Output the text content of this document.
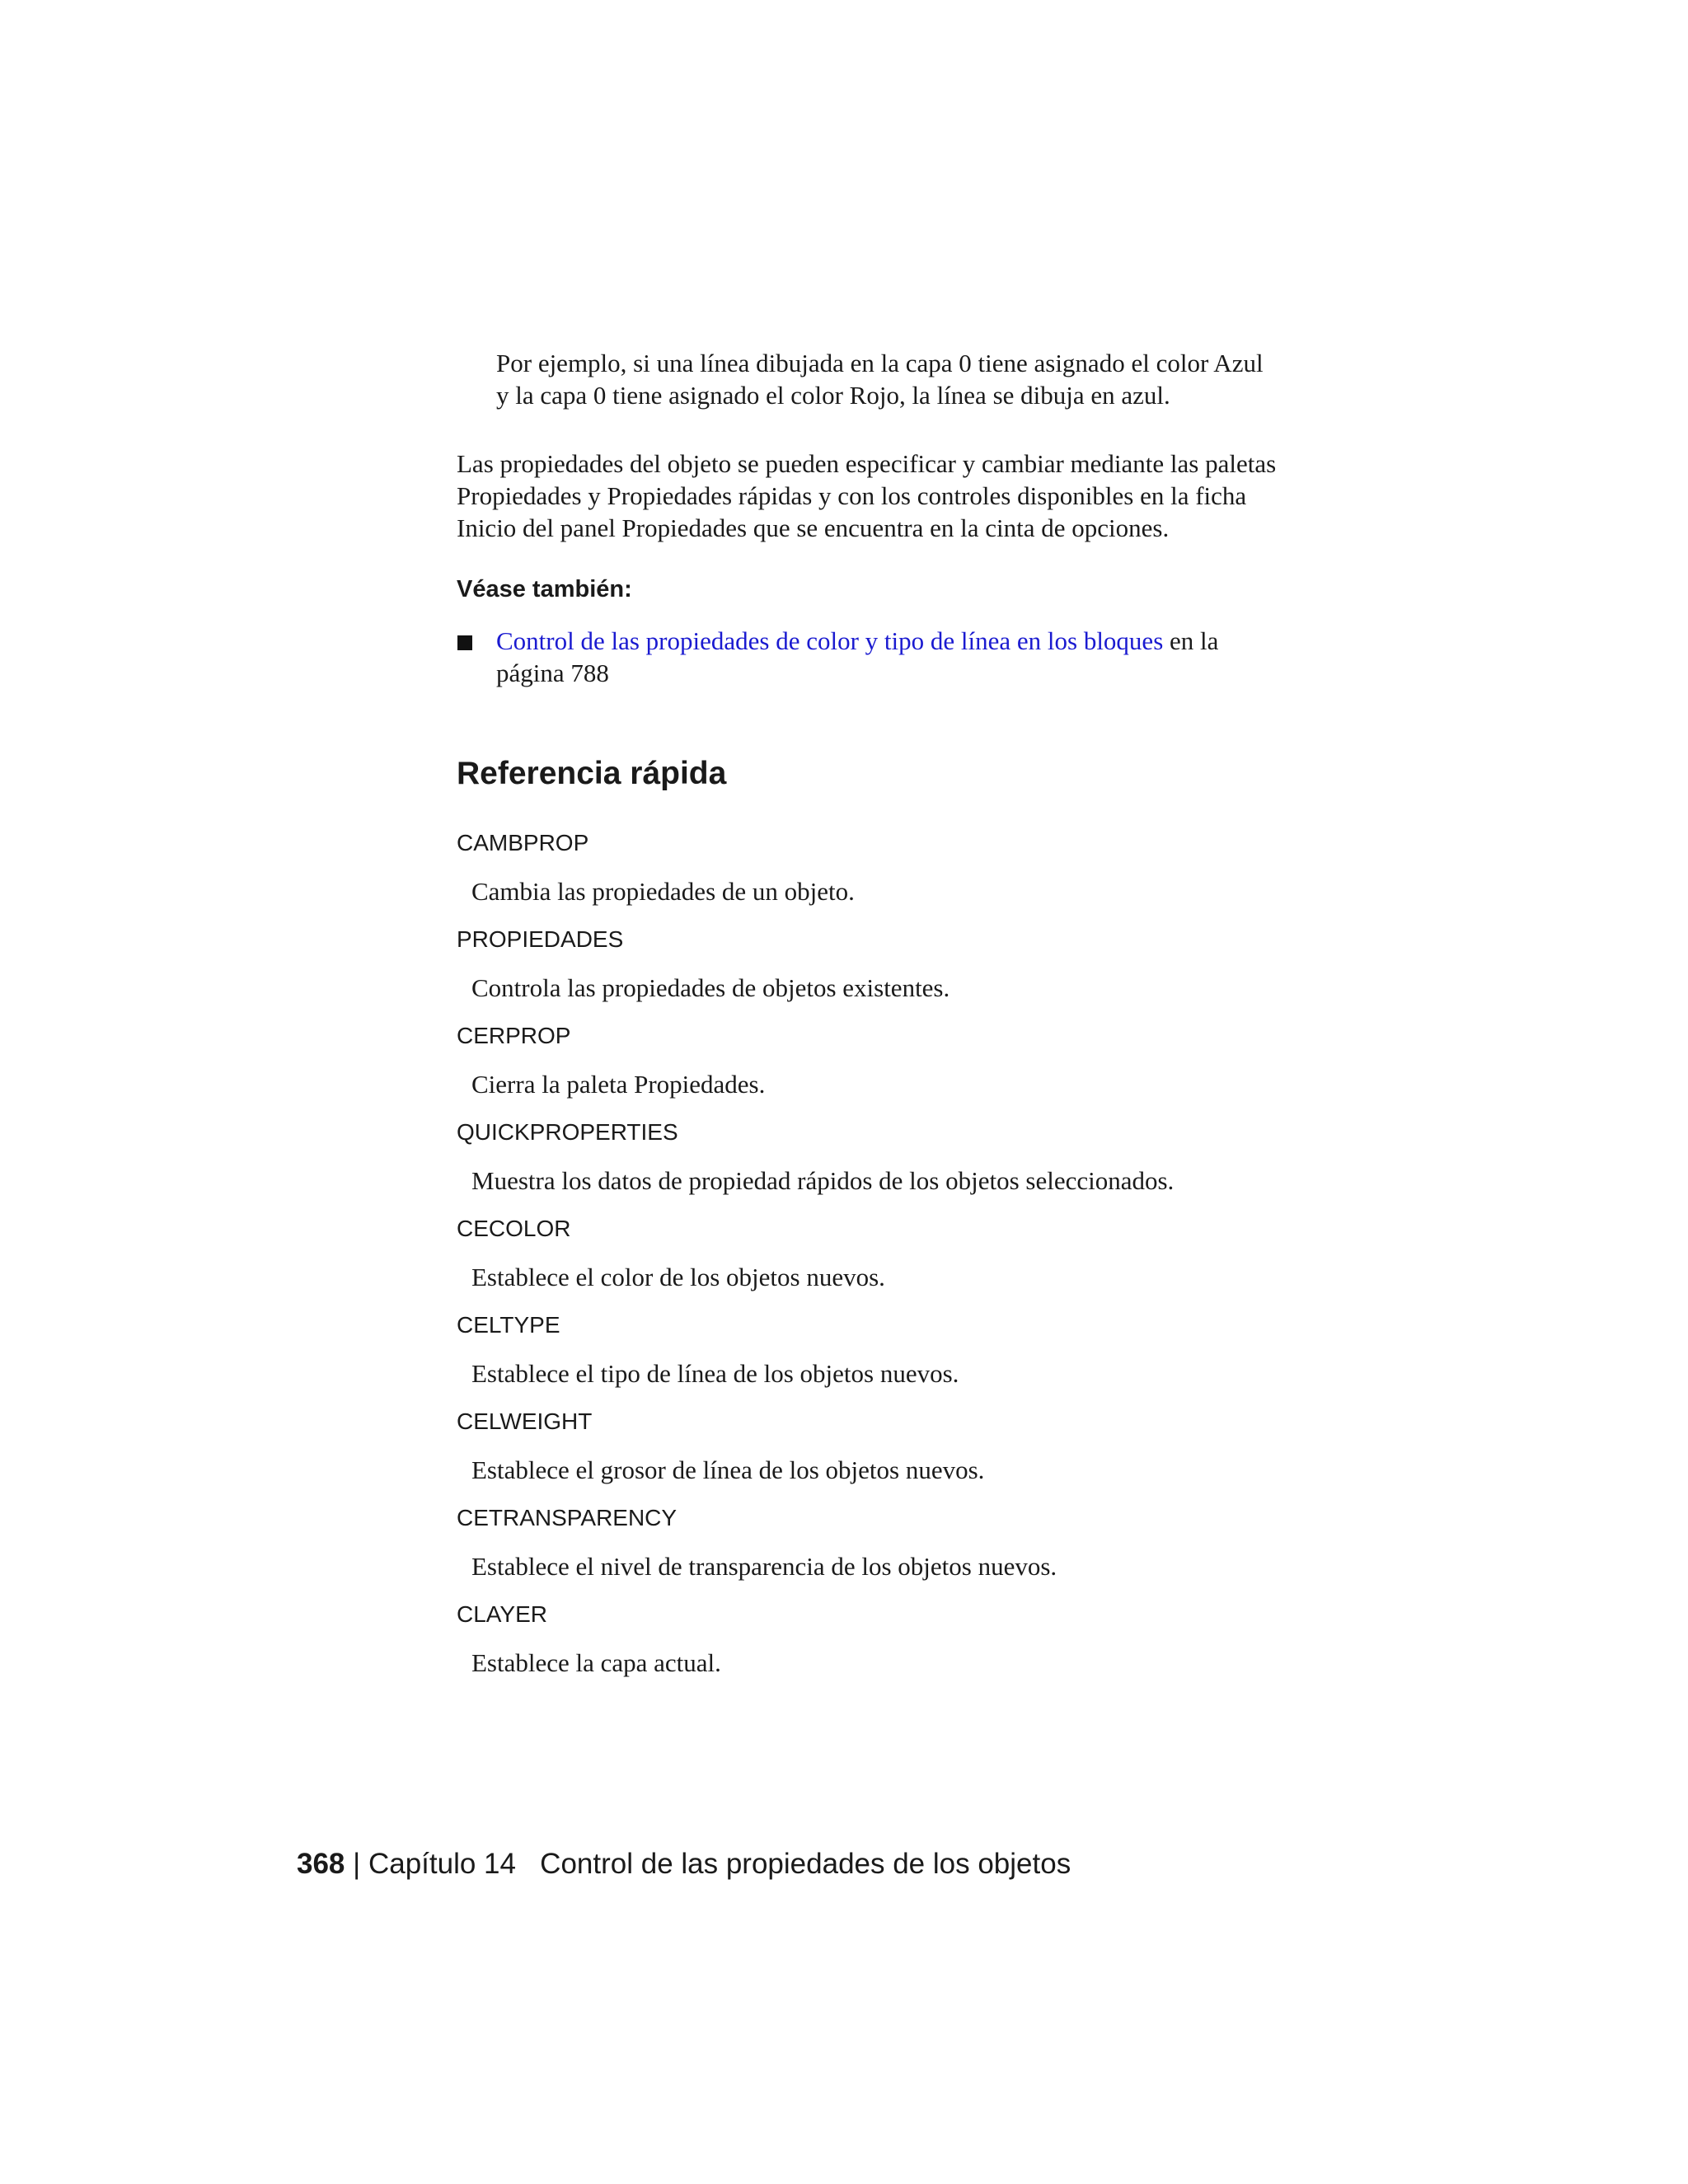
Por ejemplo, si una línea dibujada en la capa 0 tiene asignado el color Azul
y la capa 0 tiene asignado el color Rojo, la línea se dibuja en azul.

Las propiedades del objeto se pueden especificar y cambiar mediante las paletas
Propiedades y Propiedades rápidas y con los controles disponibles en la ficha
Inicio del panel Propiedades que se encuentra en la cinta de opciones.

Véase también:
Control de las propiedades de color y tipo de línea en los bloques en la
página 788
Referencia rápida
CAMBPROP
Cambia las propiedades de un objeto.
PROPIEDADES
Controla las propiedades de objetos existentes.
CERPROP
Cierra la paleta Propiedades.
QUICKPROPERTIES
Muestra los datos de propiedad rápidos de los objetos seleccionados.
CECOLOR
Establece el color de los objetos nuevos.
CELTYPE
Establece el tipo de línea de los objetos nuevos.
CELWEIGHT
Establece el grosor de línea de los objetos nuevos.
CETRANSPARENCY
Establece el nivel de transparencia de los objetos nuevos.
CLAYER
Establece la capa actual.
368 | Capítulo 14 Control de las propiedades de los objetos
